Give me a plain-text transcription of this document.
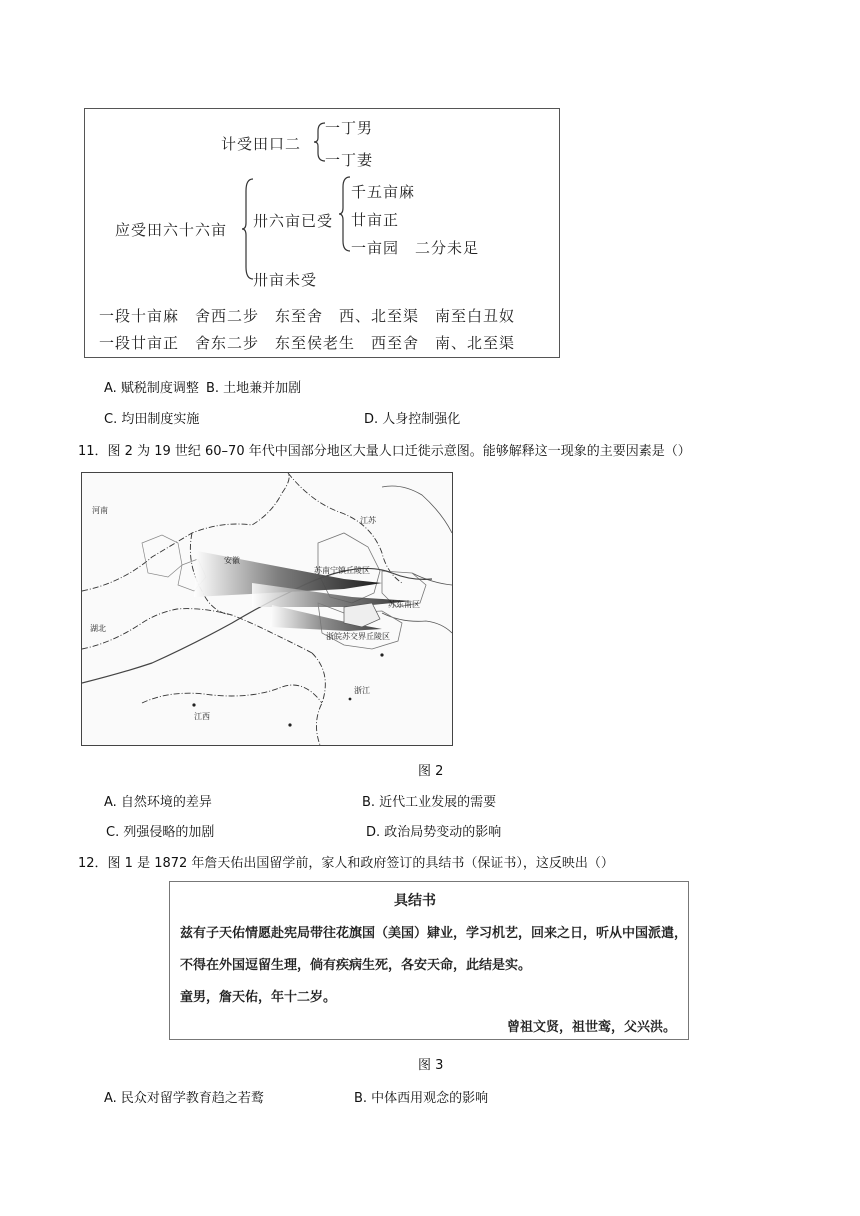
计受田口二
一丁男
一丁妻
应受田六十六亩 卅六亩已受
千五亩麻
廿亩正
一亩园　二分未足
卅亩未受
一段十亩麻　舍西二步　东至舍　西、北至渠　南至白丑奴
一段廿亩正　舍东二步　东至侯老生　西至舍　南、北至渠
A. 赋税制度调整 B. 土地兼并加剧
C. 均田制度实施	D. 人身控制强化
11．图 2 为 19 世纪 60–70 年代中国部分地区大量人口迁徙示意图。能够解释这一现象的主要因素是（）
河南
江苏
安徽
湖北
江西
浙江
苏南宁镇丘陵区
苏东南区
浙皖苏交界丘陵区
图 2
A. 自然环境的差异	B. 近代工业发展的需要
C. 列强侵略的加剧	D. 政治局势变动的影响
12．图 1 是 1872 年詹天佑出国留学前，家人和政府签订的具结书（保证书），这反映出（）
具结书
兹有子天佑情愿赴宪局带往花旗国（美国）肄业，学习机艺，回来之日，听从中国派遣，
不得在外国逗留生理，倘有疾病生死，各安天命，此结是实。
童男，詹天佑，年十二岁。
曾祖文贤，祖世鸾，父兴洪。
图 3
A. 民众对留学教育趋之若鹜	B. 中体西用观念的影响
